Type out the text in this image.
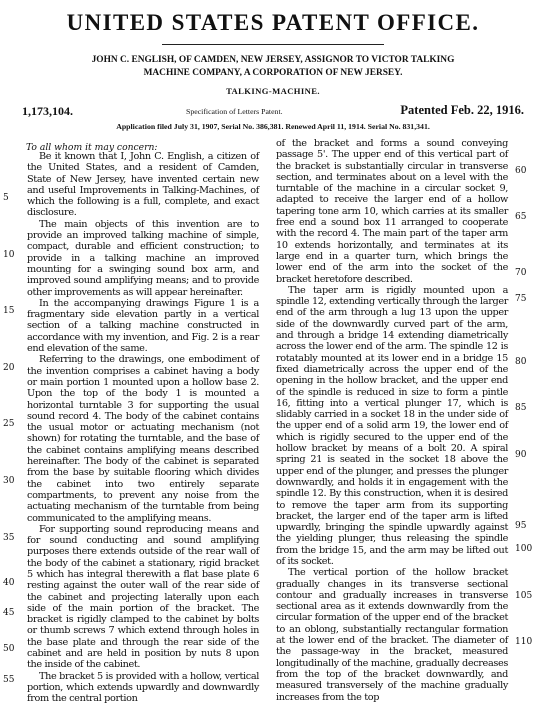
UNITED STATES PATENT OFFICE.
JOHN C. ENGLISH, OF CAMDEN, NEW JERSEY, ASSIGNOR TO VICTOR TALKING
MACHINE COMPANY, A CORPORATION OF NEW JERSEY.
TALKING-MACHINE.
1,173,104.	Specification of Letters Patent.	Patented Feb. 22, 1916.
Application filed July 31, 1907, Serial No. 386,381. Renewed April 11, 1914. Serial No. 831,341.
To all whom it may concern:

Be it known that I, John C. English, a citizen of the United States, and a resident of Camden, State of New Jersey, have invented certain new and useful Improvements in Talking-Machines, of which the following is a full, complete, and exact disclosure.

The main objects of this invention are to provide an improved talking machine of simple, compact, durable and efficient construction; to provide in a talking machine an improved mounting for a swinging sound box arm, and improved sound amplifying means; and to provide other improvements as will appear hereinafter.

In the accompanying drawings Figure 1 is a fragmentary side elevation partly in a vertical section of a talking machine constructed in accordance with my invention, and Fig. 2 is a rear end elevation of the same.

Referring to the drawings, one embodiment of the invention comprises a cabinet having a body or main portion 1 mounted upon a hollow base 2. Upon the top of the body 1 is mounted a horizontal turntable 3 for supporting the usual sound record 4. The body of the cabinet contains the usual motor or actuating mechanism (not shown) for rotating the turntable, and the base of the cabinet contains amplifying means described hereinafter. The body of the cabinet is separated from the base by suitable flooring which divides the cabinet into two entirely separate compartments, to prevent any noise from the actuating mechanism of the turntable from being communicated to the amplifying means.

For supporting sound reproducing means and for sound conducting and sound amplifying purposes there extends outside of the rear wall of the body of the cabinet a stationary, rigid bracket 5 which has integral therewith a flat base plate 6 resting against the outer wall of the rear side of the cabinet and projecting laterally upon each side of the main portion of the bracket. The bracket is rigidly clamped to the cabinet by bolts or thumb screws 7 which extend through holes in the base plate and through the rear side of the cabinet and are held in position by nuts 8 upon the inside of the cabinet.

The bracket 5 is provided with a hollow, vertical portion, which extends upwardly and downwardly from the central portion

of the bracket and forms a sound conveying passage 5'. The upper end of this vertical part of the bracket is substantially circular in transverse section, and terminates about on a level with the turntable of the machine in a circular socket 9, adapted to receive the larger end of a hollow tapering tone arm 10, which carries at its smaller free end a sound box 11 arranged to cooperate with the record 4. The main part of the taper arm 10 extends horizontally, and terminates at its large end in a quarter turn, which brings the lower end of the arm into the socket of the bracket heretofore described.

The taper arm is rigidly mounted upon a spindle 12, extending vertically through the larger end of the arm through a lug 13 upon the upper side of the downwardly curved part of the arm, and through a bridge 14 extending diametrically across the lower end of the arm. The spindle 12 is rotatably mounted at its lower end in a bridge 15 fixed diametrically across the upper end of the opening in the hollow bracket, and the upper end of the spindle is reduced in size to form a pintle 16, fitting into a vertical plunger 17, which is slidably carried in a socket 18 in the under side of the upper end of a solid arm 19, the lower end of which is rigidly secured to the upper end of the hollow bracket by means of a bolt 20. A spiral spring 21 is seated in the socket 18 above the upper end of the plunger, and presses the plunger downwardly, and holds it in engagement with the spindle 12. By this construction, when it is desired to remove the taper arm from its supporting bracket, the larger end of the taper arm is lifted upwardly, bringing the spindle upwardly against the yielding plunger, thus releasing the spindle from the bridge 15, and the arm may be lifted out of its socket.

The vertical portion of the hollow bracket gradually changes in its transverse sectional contour and gradually increases in transverse sectional area as it extends downwardly from the circular formation of the upper end of the bracket to an oblong, substantially rectangular formation at the lower end of the bracket. The diameter of the passage-way in the bracket, measured longitudinally of the machine, gradually decreases from the top of the bracket downwardly, and measured transversely of the machine gradually increases from the top

5
10
15
20
25
30
35
40
45
50
55
60
65
70
75
80
85
90
95
100
105
110
